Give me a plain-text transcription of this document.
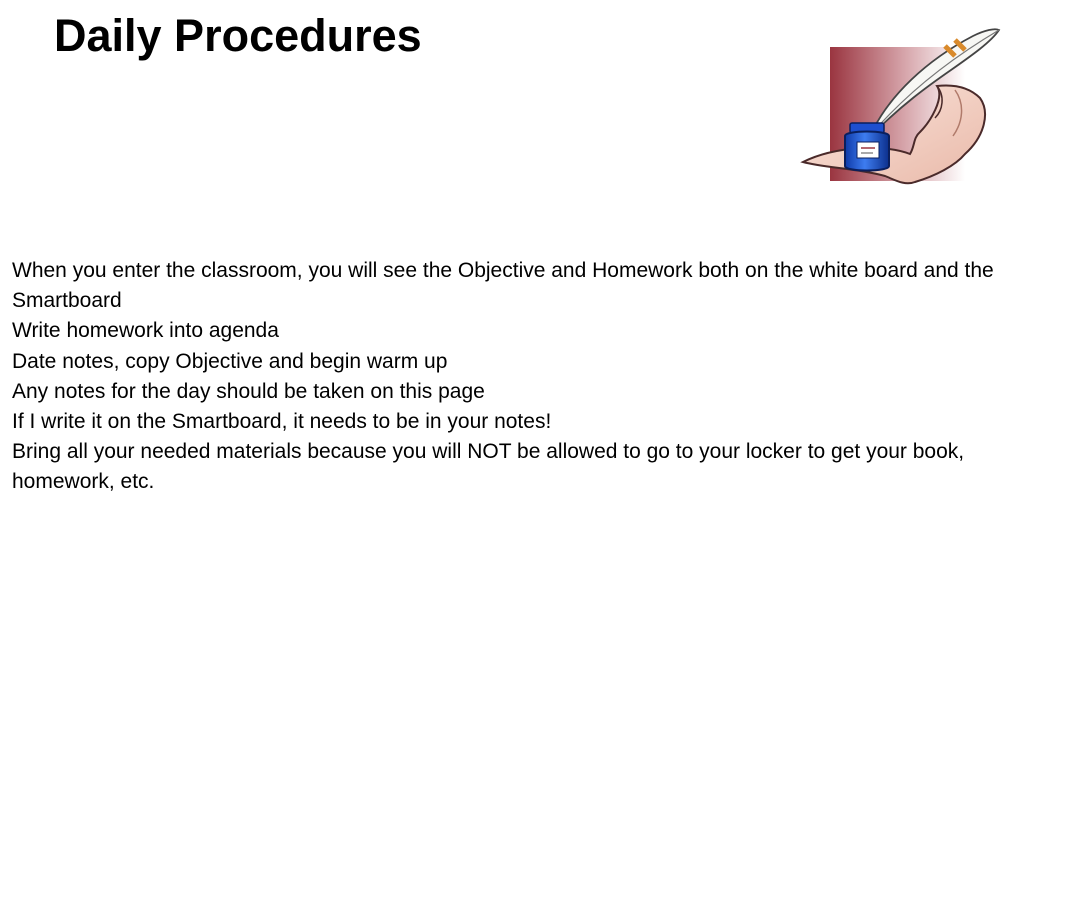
Daily Procedures
When you enter the classroom, you will see the Objective and Homework both on the white board and the Smartboard
Write homework into agenda
Date notes, copy Objective and begin warm up
Any notes for the day should be taken on this page
If I write it on the Smartboard, it needs to be in your notes!
Bring all your needed materials because you will NOT be allowed to go to your locker to get your book, homework, etc.
